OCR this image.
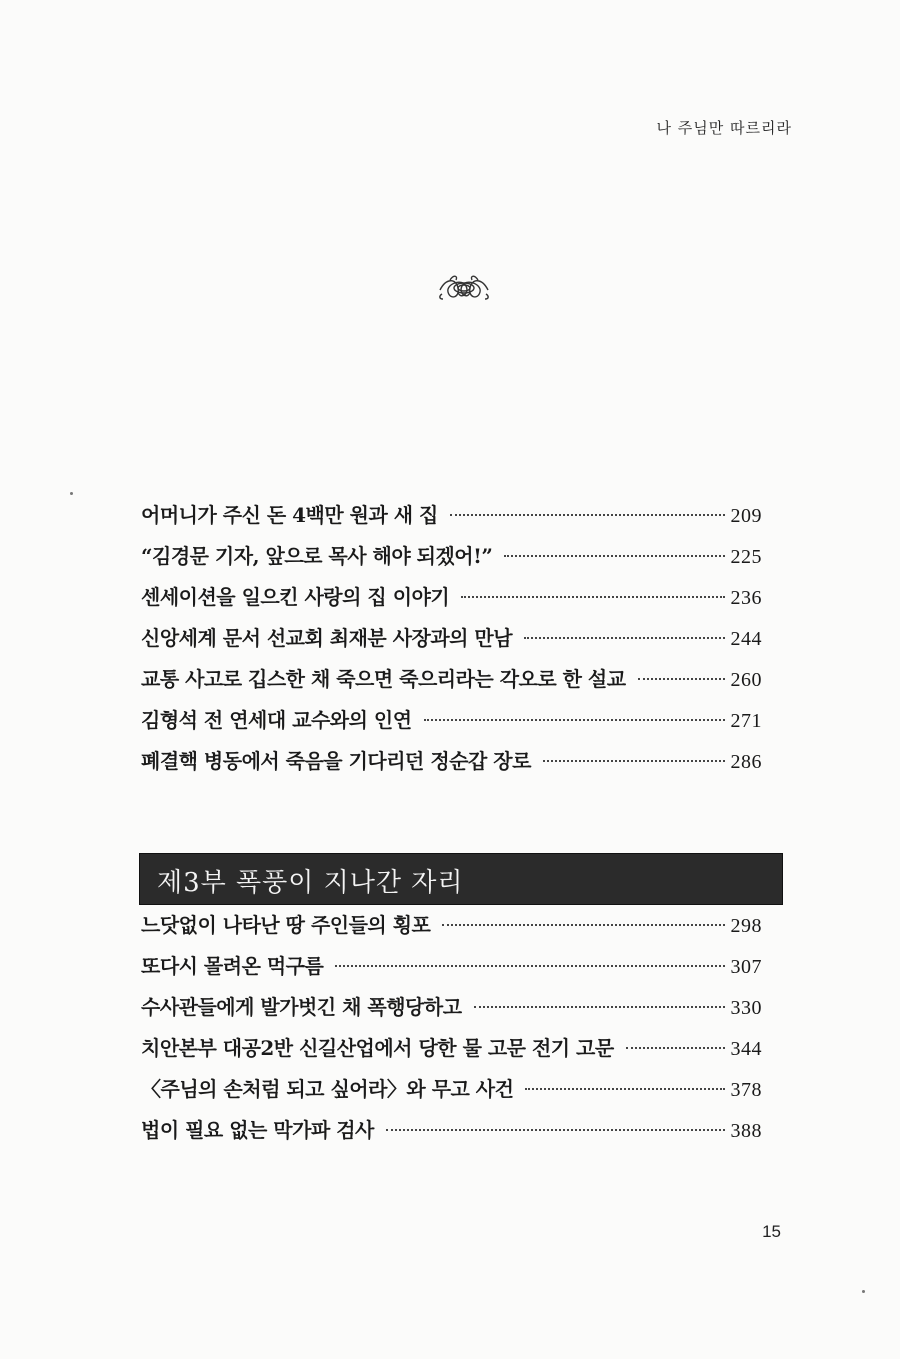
나 주님만 따르리라
어머니가 주신 돈 4백만 원과 새 집	209
“김경문 기자, 앞으로 목사 해야 되겠어!”	225
센세이션을 일으킨 사랑의 집 이야기	236
신앙세계 문서 선교회 최재분 사장과의 만남	244
교통 사고로 깁스한 채 죽으면 죽으리라는 각오로 한 설교	260
김형석 전 연세대 교수와의 인연	271
폐결핵 병동에서 죽음을 기다리던 정순갑 장로	286
제3부 폭풍이 지나간 자리
느닷없이 나타난 땅 주인들의 횡포	298
또다시 몰려온 먹구름	307
수사관들에게 발가벗긴 채 폭행당하고	330
치안본부 대공2반 신길산업에서 당한 물 고문 전기 고문	344
〈주님의 손처럼 되고 싶어라〉와 무고 사건	378
법이 필요 없는 막가파 검사	388
15
